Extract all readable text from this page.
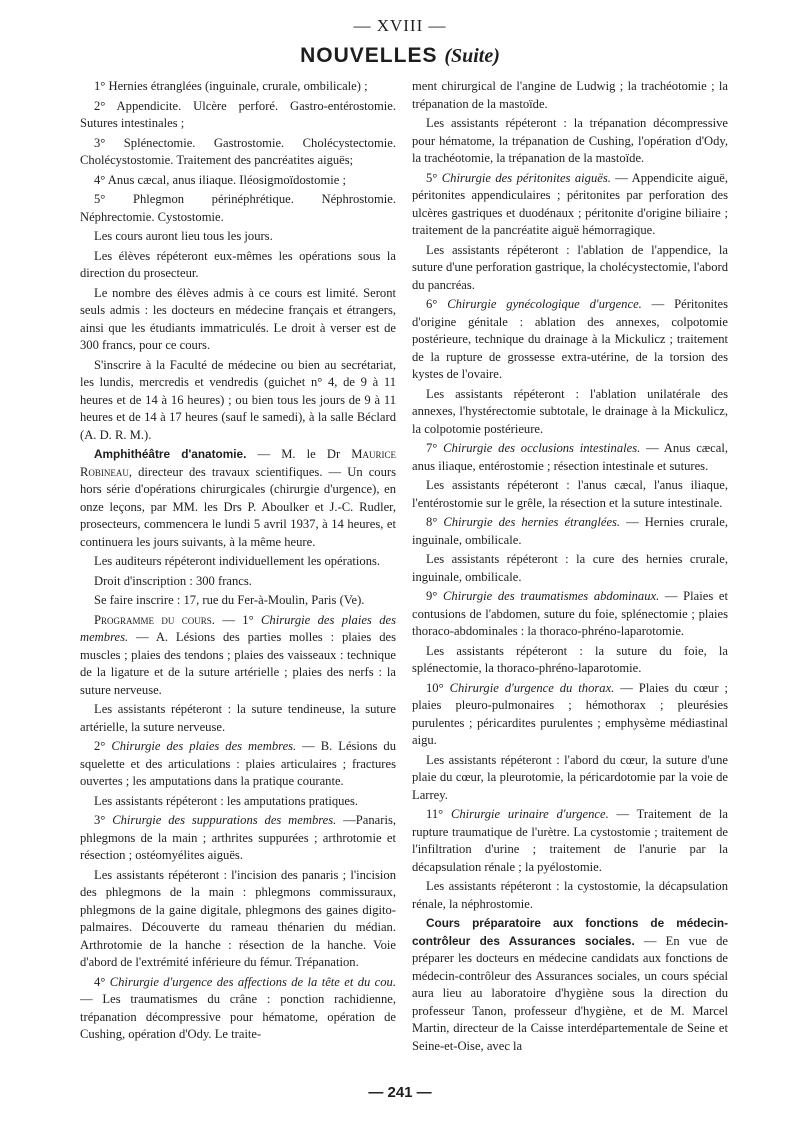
— XVIII —
NOUVELLES (Suite)

1° Hernies étranglées (inguinale, crurale, ombilicale) ;

2° Appendicite. Ulcère perforé. Gastro-entérostomie. Sutures intestinales ;

3° Splénectomie. Gastrostomie. Cholécystectomie. Cholécystostomie. Traitement des pancréatites aiguës;

4° Anus cæcal, anus iliaque. Iléosigmoïdostomie ;

5° Phlegmon périnéphrétique. Néphrostomie. Néphrectomie. Cystostomie.

Les cours auront lieu tous les jours.

Les élèves répéteront eux-mêmes les opérations sous la direction du prosecteur.

Le nombre des élèves admis à ce cours est limité. Seront seuls admis : les docteurs en médecine français et étrangers, ainsi que les étudiants immatriculés. Le droit à verser est de 300 francs, pour ce cours.

S'inscrire à la Faculté de médecine ou bien au secrétariat, les lundis, mercredis et vendredis (guichet n° 4, de 9 à 11 heures et de 14 à 16 heures) ; ou bien tous les jours de 9 à 11 heures et de 14 à 17 heures (sauf le samedi), à la salle Béclard (A. D. R. M.).

Amphithéâtre d'anatomie. — M. le Dr Maurice Robineau, directeur des travaux scientifiques. — Un cours hors série d'opérations chirurgicales (chirurgie d'urgence), en onze leçons, par MM. les Drs P. Aboulker et J.-C. Rudler, prosecteurs, commencera le lundi 5 avril 1937, à 14 heures, et continuera les jours suivants, à la même heure.

Les auditeurs répéteront individuellement les opérations.

Droit d'inscription : 300 francs.

Se faire inscrire : 17, rue du Fer-à-Moulin, Paris (Ve).

Programme du cours. — 1° Chirurgie des plaies des membres. — A. Lésions des parties molles : plaies des muscles ; plaies des tendons ; plaies des vaisseaux : technique de la ligature et de la suture artérielle ; plaies des nerfs : la suture nerveuse.

Les assistants répéteront : la suture tendineuse, la suture artérielle, la suture nerveuse.

2° Chirurgie des plaies des membres. — B. Lésions du squelette et des articulations : plaies articulaires ; fractures ouvertes ; les amputations dans la pratique courante.

Les assistants répéteront : les amputations pratiques.

3° Chirurgie des suppurations des membres. —Panaris, phlegmons de la main ; arthrites suppurées ; arthrotomie et résection ; ostéomyélites aiguës.

Les assistants répéteront : l'incision des panaris ; l'incision des phlegmons de la main : phlegmons commissuraux, phlegmons de la gaine digitale, phlegmons des gaines digito-palmaires. Découverte du rameau thénarien du médian. Arthrotomie de la hanche : résection de la hanche. Voie d'abord de l'extrémité inférieure du fémur. Trépanation.

4° Chirurgie d'urgence des affections de la tête et du cou. — Les traumatismes du crâne : ponction rachidienne, trépanation décompressive pour hématome, opération de Cushing, opération d'Ody. Le traite-

ment chirurgical de l'angine de Ludwig ; la trachéotomie ; la trépanation de la mastoïde.

Les assistants répéteront : la trépanation décompressive pour hématome, la trépanation de Cushing, l'opération d'Ody, la trachéotomie, la trépanation de la mastoïde.

5° Chirurgie des péritonites aiguës. — Appendicite aiguë, péritonites appendiculaires ; péritonites par perforation des ulcères gastriques et duodénaux ; péritonite d'origine biliaire ; traitement de la pancréatite aiguë hémorragique.

Les assistants répéteront : l'ablation de l'appendice, la suture d'une perforation gastrique, la cholécystectomie, l'abord du pancréas.

6° Chirurgie gynécologique d'urgence. — Péritonites d'origine génitale : ablation des annexes, colpotomie postérieure, technique du drainage à la Mickulicz ; traitement de la rupture de grossesse extra-utérine, de la torsion des kystes de l'ovaire.

Les assistants répéteront : l'ablation unilatérale des annexes, l'hystérectomie subtotale, le drainage à la Mickulicz, la colpotomie postérieure.

7° Chirurgie des occlusions intestinales. — Anus cæcal, anus iliaque, entérostomie ; résection intestinale et sutures.

Les assistants répéteront : l'anus cæcal, l'anus iliaque, l'entérostomie sur le grêle, la résection et la suture intestinale.

8° Chirurgie des hernies étranglées. — Hernies crurale, inguinale, ombilicale.

Les assistants répéteront : la cure des hernies crurale, inguinale, ombilicale.

9° Chirurgie des traumatismes abdominaux. — Plaies et contusions de l'abdomen, suture du foie, splénectomie ; plaies thoraco-abdominales : la thoraco-phréno-laparotomie.

Les assistants répéteront : la suture du foie, la splénectomie, la thoraco-phréno-laparotomie.

10° Chirurgie d'urgence du thorax. — Plaies du cœur ; plaies pleuro-pulmonaires ; hémothorax ; pleurésies purulentes ; péricardites purulentes ; emphysème médiastinal aigu.

Les assistants répéteront : l'abord du cœur, la suture d'une plaie du cœur, la pleurotomie, la péricardotomie par la voie de Larrey.

11° Chirurgie urinaire d'urgence. — Traitement de la rupture traumatique de l'urètre. La cystostomie ; traitement de l'infiltration d'urine ; traitement de l'anurie par la décapsulation rénale ; la pyélostomie.

Les assistants répéteront : la cystostomie, la décapsulation rénale, la néphrostomie.

Cours préparatoire aux fonctions de médecin-contrôleur des Assurances sociales. — En vue de préparer les docteurs en médecine candidats aux fonctions de médecin-contrôleur des Assurances sociales, un cours spécial aura lieu au laboratoire d'hygiène sous la direction du professeur Tanon, professeur d'hygiène, et de M. Marcel Martin, directeur de la Caisse interdépartementale de Seine et Seine-et-Oise, avec la

— 241 —
